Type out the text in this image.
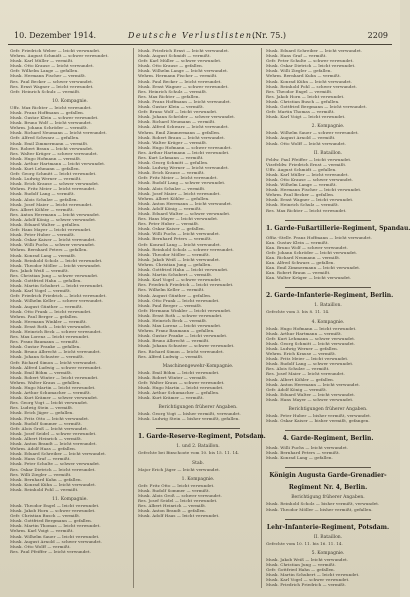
10. Dezember 1914.	Deutsche Verlustlisten.
(Nr. 75.)	2209
Gefr. Friedrich Weber — leicht verwundet.
Wehrm. August Schmidt — schwer verwundet.
Musk. Karl Müller — vermißt.
Musk. Otto Krause — leicht verwundet.
Gefr. Wilhelm Lange — gefallen.
Musk. Hermann Fischer — vermißt.
Res. Paul Becker — schwer verwundet.
Res. Ernst Wagner — leicht verwundet.
Gefr. Heinrich Schulz — vermißt.
10. Kompagnie.
Uffz. Max Richter — leicht verwundet.
Musk. Franz Hoffmann — gefallen.
Musk. Gustav Klein — schwer verwundet.
Musk. Bruno Wolf — leicht verwundet.
Wehrm. Johann Schröder — vermißt.
Musk. Richard Neumann — leicht verwundet.
Gefr. Alfred Schwarz — gefallen.
Musk. Emil Zimmermann — vermißt.
Res. Robert Braun — leicht verwundet.
Res. Walter Krüger — schwer verwundet.
Musk. Hugo Hofmann — vermißt.
Musk. Arthur Hartmann — leicht verwundet.
Musk. Kurt Lehmann — gefallen.
Gefr. Georg Schmitt — leicht verwundet.
Musk. Ludwig Werner — vermißt.
Musk. Erich Krause — schwer verwundet.
Wehrm. Fritz Meier — leicht verwundet.
Musk. Rudolf Lang — vermißt.
Musk. Alois Schulze — gefallen.
Musk. Josef Maier — leicht verwundet.
Res. Albert Köhler — vermißt.
Res. Anton Herrmann — leicht verwundet.
Musk. Adolf König — schwer verwundet.
Musk. Eduard Walter — gefallen.
Gefr. Hans Mayer — leicht verwundet.
Musk. Peter Huber — vermißt.
Musk. Oskar Kaiser — leicht verwundet.
Musk. Willi Fuchs — schwer verwundet.
Wehrm. Bernhard Peters — gefallen.
Musk. Konrad Lang — vermißt.
Musk. Reinhold Scholz — leicht verwundet.
Musk. Theodor Möller — leicht verwundet.
Res. Jakob Weiß — vermißt.
Res. Christian Jung — schwer verwundet.
Musk. Gottfried Hahn — gefallen.
Musk. Martin Schubert — leicht verwundet.
Musk. Karl Vogel — vermißt.
Gefr. Friedrich Friedrich — leicht verwundet.
Musk. Wilhelm Keller — schwer verwundet.
Musk. August Günther — vermißt.
Musk. Otto Frank — leicht verwundet.
Wehrm. Paul Berger — gefallen.
Musk. Hermann Winkler — vermißt.
Musk. Ernst Roth — leicht verwundet.
Musk. Heinrich Beck — schwer verwundet.
Res. Max Lorenz — leicht verwundet.
Res. Franz Baumann — vermißt.
Musk. Gustav Franke — gefallen.
Musk. Bruno Albrecht — leicht verwundet.
Musk. Johann Schuster — vermißt.
Gefr. Richard Simon — leicht verwundet.
Musk. Alfred Ludwig — schwer verwundet.
Musk. Emil Böhm — vermißt.
Musk. Robert Winter — leicht verwundet.
Wehrm. Walter Kraus — gefallen.
Musk. Hugo Martin — leicht verwundet.
Musk. Arthur Schumacher — vermißt.
Musk. Kurt Krämer — schwer verwundet.
Res. Georg Vogt — leicht verwundet.
Res. Ludwig Stein — vermißt.
Musk. Erich Jäger — gefallen.
Musk. Fritz Otto — leicht verwundet.
Musk. Rudolf Sommer — vermißt.
Gefr. Alois Groß — leicht verwundet.
Musk. Josef Seidel — schwer verwundet.
Musk. Albert Heinrich — vermißt.
Musk. Anton Brandt — leicht verwundet.
Wehrm. Adolf Haas — gefallen.
Musk. Eduard Schreiber — leicht verwundet.
Musk. Hans Graf — vermißt.
Musk. Peter Schulte — schwer verwundet.
Res. Oskar Dietrich — leicht verwundet.
Res. Willi Ziegler — vermißt.
Musk. Bernhard Kuhn — gefallen.
Musk. Konrad Kühn — leicht verwundet.
Musk. Reinhold Pohl — vermißt.
11. Kompagnie.
Musk. Theodor Engel — leicht verwundet.
Musk. Jakob Horn — schwer verwundet.
Gefr. Christian Busch — vermißt.
Musk. Gottfried Bergmann — gefallen.
Musk. Martin Thomas — leicht verwundet.
Wehrm. Karl Voigt — vermißt.
Musk. Wilhelm Sauer — leicht verwundet.
Musk. August Arnold — schwer verwundet.
Musk. Otto Wolff — vermißt.
Res. Paul Pfeiffer — leicht verwundet.
Musk. Friedrich Ernst — leicht verwundet.
Musk. August Schmidt — vermißt.
Gefr. Karl Müller — schwer verwundet.
Musk. Otto Krause — gefallen.
Musk. Wilhelm Lange — leicht verwundet.
Wehrm. Hermann Fischer — vermißt.
Musk. Paul Becker — leicht verwundet.
Musk. Ernst Wagner — schwer verwundet.
Res. Heinrich Schulz — vermißt.
Res. Max Richter — gefallen.
Musk. Franz Hoffmann — leicht verwundet.
Musk. Gustav Klein — vermißt.
Gefr. Bruno Wolf — leicht verwundet.
Musk. Johann Schröder — schwer verwundet.
Musk. Richard Neumann — vermißt.
Musk. Alfred Schwarz — leicht verwundet.
Wehrm. Emil Zimmermann — gefallen.
Musk. Robert Braun — leicht verwundet.
Musk. Walter Krüger — vermißt.
Musk. Hugo Hofmann — schwer verwundet.
Res. Arthur Hartmann — leicht verwundet.
Res. Kurt Lehmann — vermißt.
Musk. Georg Schmitt — gefallen.
Musk. Ludwig Werner — leicht verwundet.
Musk. Erich Krause — vermißt.
Gefr. Fritz Meier — leicht verwundet.
Musk. Rudolf Lang — schwer verwundet.
Musk. Alois Schulze — vermißt.
Musk. Josef Maier — leicht verwundet.
Wehrm. Albert Köhler — gefallen.
Musk. Anton Herrmann — leicht verwundet.
Musk. Adolf König — vermißt.
Musk. Eduard Walter — schwer verwundet.
Res. Hans Mayer — leicht verwundet.
Res. Peter Huber — vermißt.
Musk. Oskar Kaiser — gefallen.
Musk. Willi Fuchs — leicht verwundet.
Musk. Bernhard Peters — vermißt.
Gefr. Konrad Lang — leicht verwundet.
Musk. Reinhold Scholz — schwer verwundet.
Musk. Theodor Möller — vermißt.
Musk. Jakob Weiß — leicht verwundet.
Wehrm. Christian Jung — gefallen.
Musk. Gottfried Hahn — leicht verwundet.
Musk. Martin Schubert — vermißt.
Musk. Karl Vogel — schwer verwundet.
Res. Friedrich Friedrich — leicht verwundet.
Res. Wilhelm Keller — vermißt.
Musk. August Günther — gefallen.
Musk. Otto Frank — leicht verwundet.
Musk. Paul Berger — vermißt.
Gefr. Hermann Winkler — leicht verwundet.
Musk. Ernst Roth — schwer verwundet.
Musk. Heinrich Beck — vermißt.
Musk. Max Lorenz — leicht verwundet.
Wehrm. Franz Baumann — gefallen.
Musk. Gustav Franke — leicht verwundet.
Musk. Bruno Albrecht — vermißt.
Musk. Johann Schuster — schwer verwundet.
Res. Richard Simon — leicht verwundet.
Res. Alfred Ludwig — vermißt.
Maschinengewehr-Kompagnie.
Musk. Emil Böhm — leicht verwundet.
Musk. Robert Winter — vermißt.
Gefr. Walter Kraus — schwer verwundet.
Musk. Hugo Martin — leicht verwundet.
Musk. Arthur Schumacher — gefallen.
Musk. Kurt Krämer — vermißt.
Berichtigungen früherer Angaben.
Musk. Georg Vogt — bisher vermißt, verwundet.
Musk. Ludwig Stein — bisher vermißt, gefallen.
1. Garde-Reserve-Regiment, Potsdam.
1. und 2. Bataillon.
Gefechte bei Bixschoote vom 10. bis 15. 11. 14.
Stab.
Major Erich Jäger — leicht verwundet.
1. Kompagnie.
Gefr. Fritz Otto — leicht verwundet.
Musk. Rudolf Sommer — vermißt.
Musk. Alois Groß — schwer verwundet.
Res. Josef Seidel — leicht verwundet.
Res. Albert Heinrich — vermißt.
Musk. Anton Brandt — gefallen.
Musk. Adolf Haas — leicht verwundet.
Musk. Eduard Schreiber — leicht verwundet.
Musk. Hans Graf — vermißt.
Gefr. Peter Schulte — schwer verwundet.
Musk. Oskar Dietrich — leicht verwundet.
Musk. Willi Ziegler — gefallen.
Wehrm. Bernhard Kuhn — vermißt.
Musk. Konrad Kühn — leicht verwundet.
Musk. Reinhold Pohl — schwer verwundet.
Res. Theodor Engel — vermißt.
Res. Jakob Horn — leicht verwundet.
Musk. Christian Busch — gefallen.
Musk. Gottfried Bergmann — leicht verwundet.
Gefr. Martin Thomas — vermißt.
Musk. Karl Voigt — leicht verwundet.
2. Kompagnie.
Musk. Wilhelm Sauer — schwer verwundet.
Musk. August Arnold — vermißt.
Musk. Otto Wolff — leicht verwundet.
II. Bataillon.
Feldw. Paul Pfeiffer — leicht verwundet.
Vizefeldw. Friedrich Ernst — vermißt.
Uffz. August Schmidt — gefallen.
Musk. Karl Müller — leicht verwundet.
Musk. Otto Krause — schwer verwundet.
Musk. Wilhelm Lange — vermißt.
Musk. Hermann Fischer — leicht verwundet.
Wehrm. Paul Becker — gefallen.
Musk. Ernst Wagner — leicht verwundet.
Musk. Heinrich Schulz — vermißt.
Res. Max Richter — leicht verwundet.
1. Garde-Fußartillerie-Regiment, Spandau.
Offiz.-Stellv. Franz Hoffmann — leicht verwundet.
Kan. Gustav Klein — vermißt.
Kan. Bruno Wolf — schwer verwundet.
Gefr. Johann Schröder — leicht verwundet.
Kan. Richard Neumann — vermißt.
Kan. Alfred Schwarz — gefallen.
Kan. Emil Zimmermann — leicht verwundet.
Kan. Robert Braun — vermißt.
Kan. Walter Krüger — leicht verwundet.
2. Garde-Infanterie-Regiment, Berlin.
1. Bataillon.
Gefechte vom 3. bis 8. 11. 14.
4. Kompagnie.
Musk. Hugo Hofmann — leicht verwundet.
Musk. Arthur Hartmann — vermißt.
Gefr. Kurt Lehmann — schwer verwundet.
Musk. Georg Schmitt — leicht verwundet.
Musk. Ludwig Werner — gefallen.
Wehrm. Erich Krause — vermißt.
Musk. Fritz Meier — leicht verwundet.
Musk. Rudolf Lang — schwer verwundet.
Res. Alois Schulze — vermißt.
Res. Josef Maier — leicht verwundet.
Musk. Albert Köhler — gefallen.
Musk. Anton Herrmann — leicht verwundet.
Gefr. Adolf König — vermißt.
Musk. Eduard Walter — leicht verwundet.
Musk. Hans Mayer — schwer verwundet.
Berichtigungen früherer Angaben.
Musk. Peter Huber — bisher vermißt, verwundet.
Musk. Oskar Kaiser — bisher vermißt, gefangen.
4. Garde-Regiment, Berlin.
Musk. Willi Fuchs — leicht verwundet.
Musk. Bernhard Peters — vermißt.
Musk. Konrad Lang — gefallen.
Königin Augusta Garde-Grenadier-
Regiment Nr. 4, Berlin.
Berichtigung früherer Angaben.
Musk. Reinhold Scholz — bisher vermißt, verwundet.
Musk. Theodor Möller — bisher vermißt, gefallen.
Lehr-Infanterie-Regiment, Potsdam.
II. Bataillon.
Gefechte vom 10. 11. bis 16. 11. 14.
5. Kompagnie.
Musk. Jakob Weiß — leicht verwundet.
Musk. Christian Jung — vermißt.
Gefr. Gottfried Hahn — gefallen.
Musk. Martin Schubert — leicht verwundet.
Musk. Karl Vogel — schwer verwundet.
Musk. Friedrich Friedrich — vermißt.
